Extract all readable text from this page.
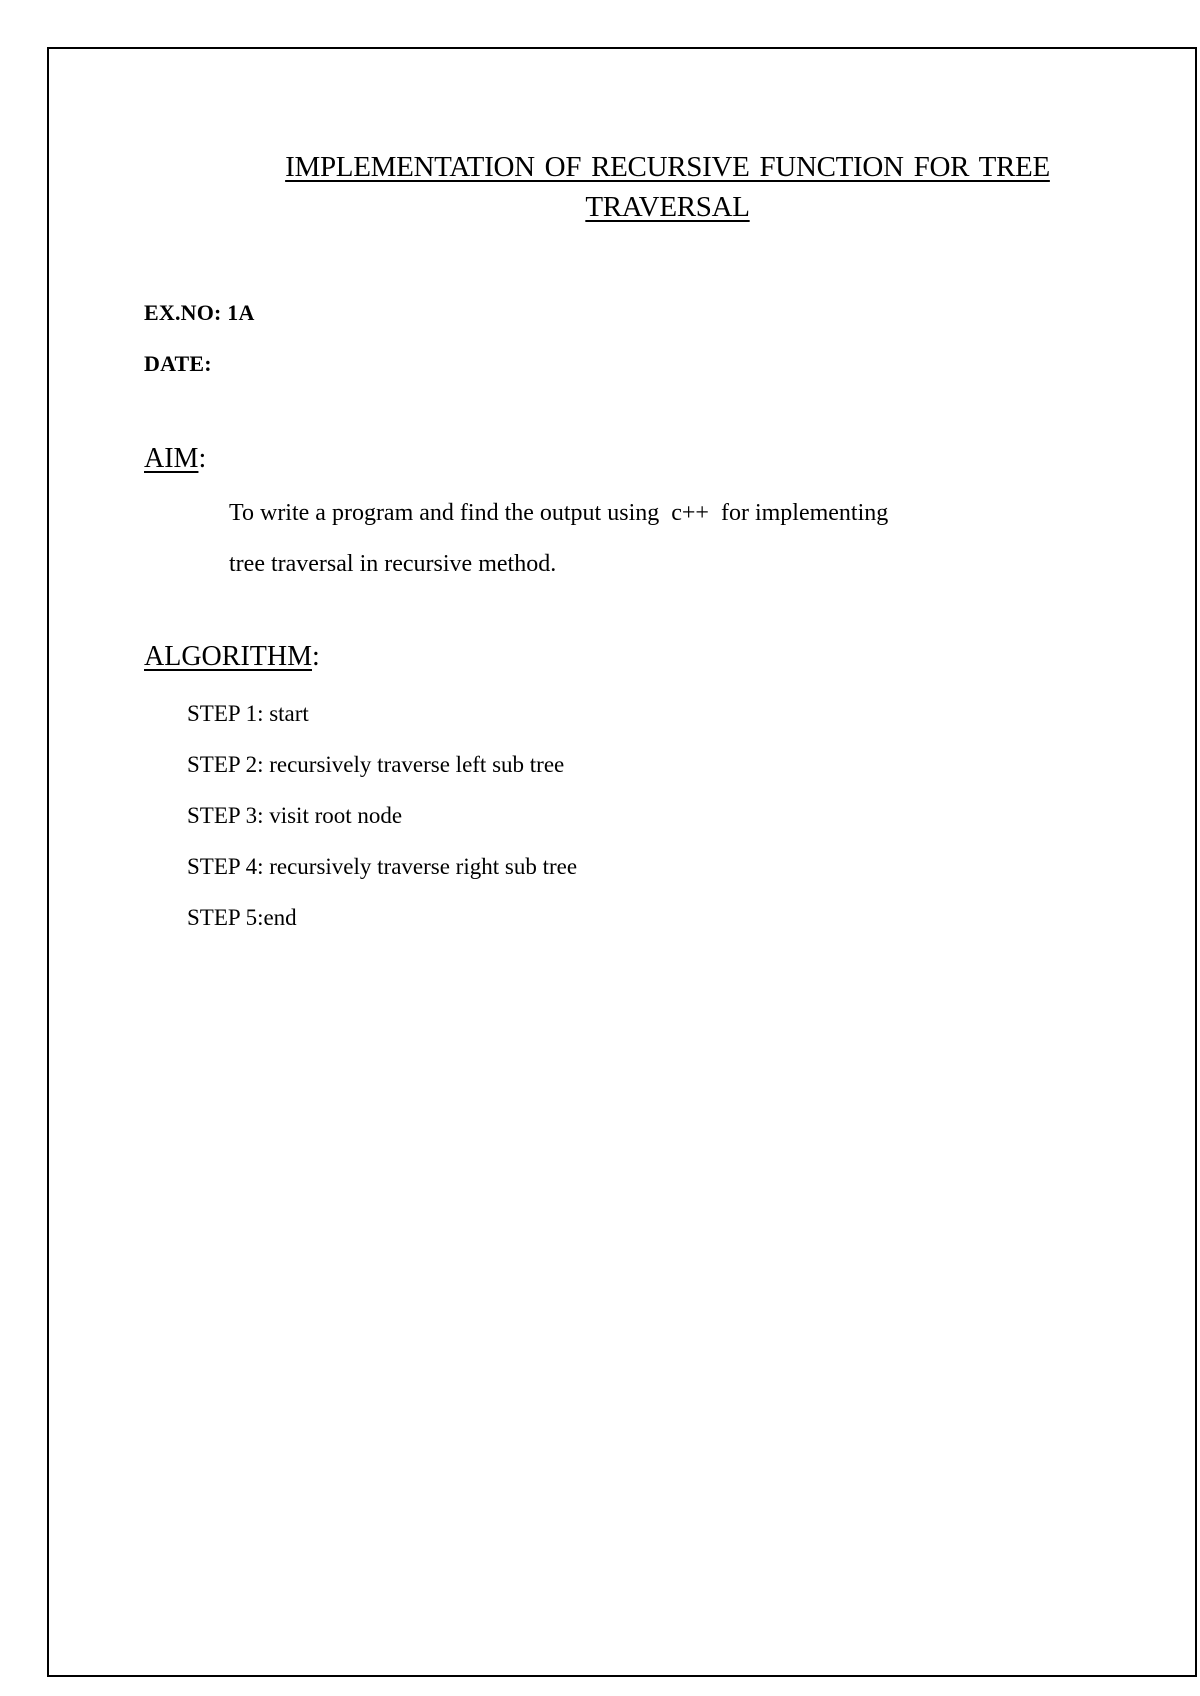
IMPLEMENTATION OF RECURSIVE FUNCTION FOR TREE TRAVERSAL
EX.NO: 1A
DATE:
AIM:
To write a program and find the output using  c++  for implementing
tree traversal in recursive method.
ALGORITHM:
STEP 1: start
STEP 2: recursively traverse left sub tree
STEP 3: visit root node
STEP 4: recursively traverse right sub tree
STEP 5:end
